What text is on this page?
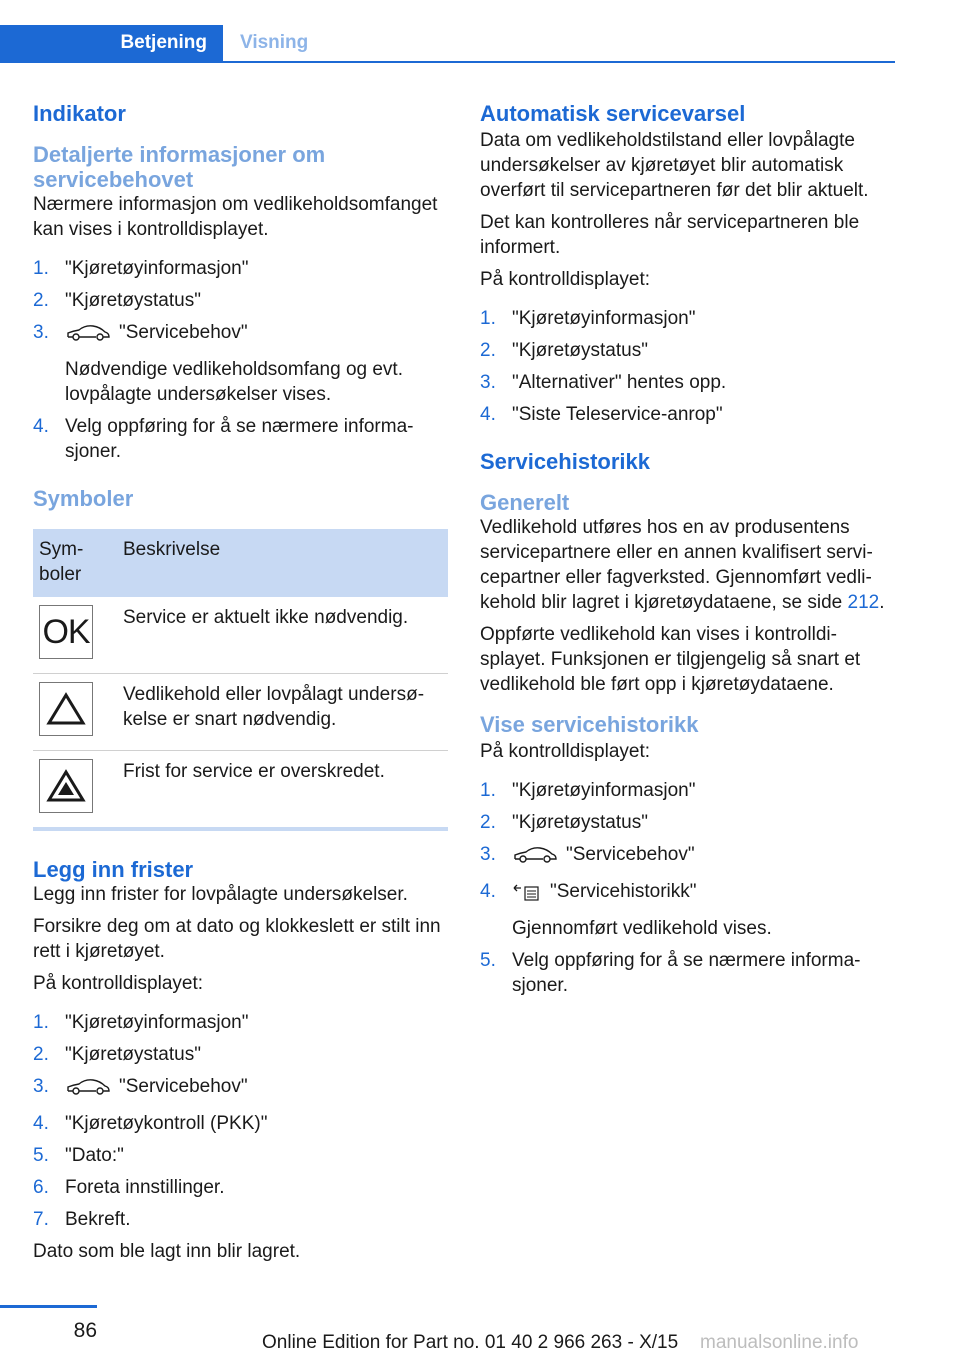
Betjening	Visning
Indikator
Detaljerte informasjoner om servicebehovet

Nærmere informasjon om vedlikeholdsomfanget kan vises i kontrolldisplayet.

1. "Kjøretøyinformasjon"
2. "Kjøretøystatus"
3.	"Servicebehov"
Nødvendige vedlikeholdsomfang og evt. lovpålagte undersøkelser vises.
4. Velg oppføring for å se nærmere informasjoner.
Symboler
Symboler	Beskrivelse

OK	Service er aktuelt ikke nødvendig.

	Vedlikehold eller lovpålagt undersøkelse er snart nødvendig.

	Frist for service er overskredet.
Legg inn frister

Legg inn frister for lovpålagte undersøkelser.

Forsikre deg om at dato og klokkeslett er stilt inn rett i kjøretøyet.

På kontrolldisplayet:

1. "Kjøretøyinformasjon"
2. "Kjøretøystatus"
3.	"Servicebehov"
4. "Kjøretøykontroll (PKK)"
5. "Dato:"
6. Foreta innstillinger.
7. Bekreft.

Dato som ble lagt inn blir lagret.

Automatisk servicevarsel

Data om vedlikeholdstilstand eller lovpålagte undersøkelser av kjøretøyet blir automatisk overført til servicepartneren før det blir aktuelt.

Det kan kontrolleres når servicepartneren ble informert.

På kontrolldisplayet:

1. "Kjøretøyinformasjon"
2. "Kjøretøystatus"
3. "Alternativer" hentes opp.
4. "Siste Teleservice-anrop"
Servicehistorikk
Generelt

Vedlikehold utføres hos en av produsentens servicepartnere eller en annen kvalifisert servicepartner eller fagverksted. Gjennomført vedlikehold blir lagret i kjøretøydataene, se side 212.

Oppførte vedlikehold kan vises i kontrolldisplayet. Funksjonen er tilgjengelig så snart et vedlikehold ble ført opp i kjøretøydataene.

Vise servicehistorikk

På kontrolldisplayet:

1. "Kjøretøyinformasjon"
2. "Kjøretøystatus"
3.	"Servicebehov"
4.	"Servicehistorikk"
Gjennomført vedlikehold vises.
5. Velg oppføring for å se nærmere informasjoner.
86
Online Edition for Part no. 01 40 2 966 263 - X/15 manualsonline.info
